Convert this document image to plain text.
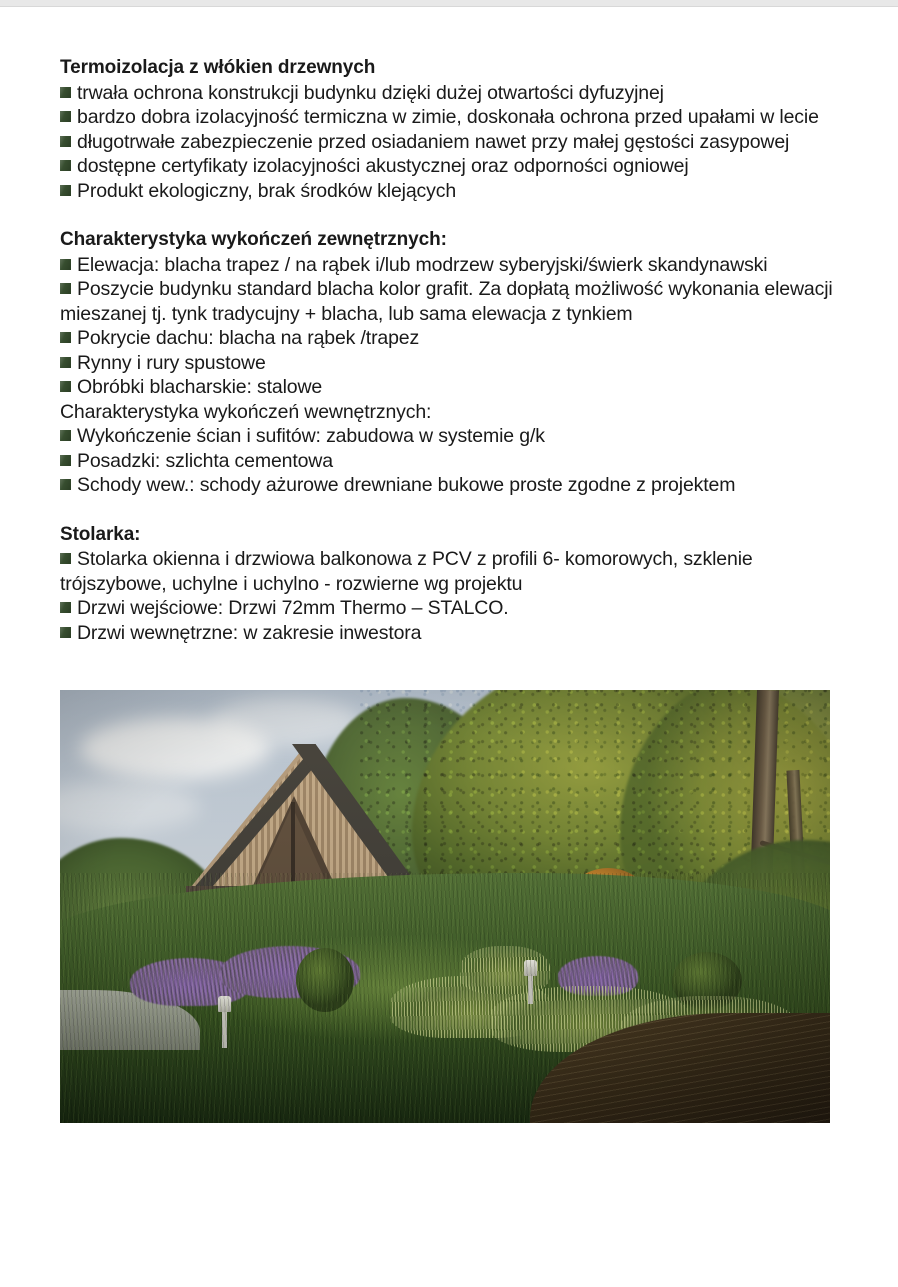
Termoizolacja z włókien drzewnych

trwała ochrona konstrukcji budynku dzięki dużej otwartości dyfuzyjnej

bardzo dobra izolacyjność termiczna w zimie, doskonała ochrona przed upałami w lecie

długotrwałe zabezpieczenie przed osiadaniem nawet przy małej gęstości zasypowej

dostępne certyfikaty izolacyjności akustycznej oraz odporności ogniowej

Produkt ekologiczny, brak środków klejących

Charakterystyka wykończeń zewnętrznych:

Elewacja: blacha trapez / na rąbek i/lub modrzew syberyjski/świerk skandynawski

Poszycie budynku standard blacha kolor grafit. Za dopłatą możliwość wykonania elewacji mieszanej tj. tynk tradycujny + blacha, lub sama elewacja z tynkiem

Pokrycie dachu: blacha na rąbek /trapez

Rynny i rury spustowe

Obróbki blacharskie: stalowe

Charakterystyka wykończeń wewnętrznych:

Wykończenie ścian i sufitów: zabudowa w systemie g/k

Posadzki: szlichta cementowa

Schody wew.: schody ażurowe drewniane bukowe proste zgodne z projektem

Stolarka:

Stolarka okienna i drzwiowa balkonowa z PCV z profili 6- komorowych, szklenie trójszybowe, uchylne i uchylno - rozwierne wg projektu

Drzwi wejściowe: Drzwi 72mm Thermo – STALCO.

Drzwi wewnętrzne: w zakresie inwestora
